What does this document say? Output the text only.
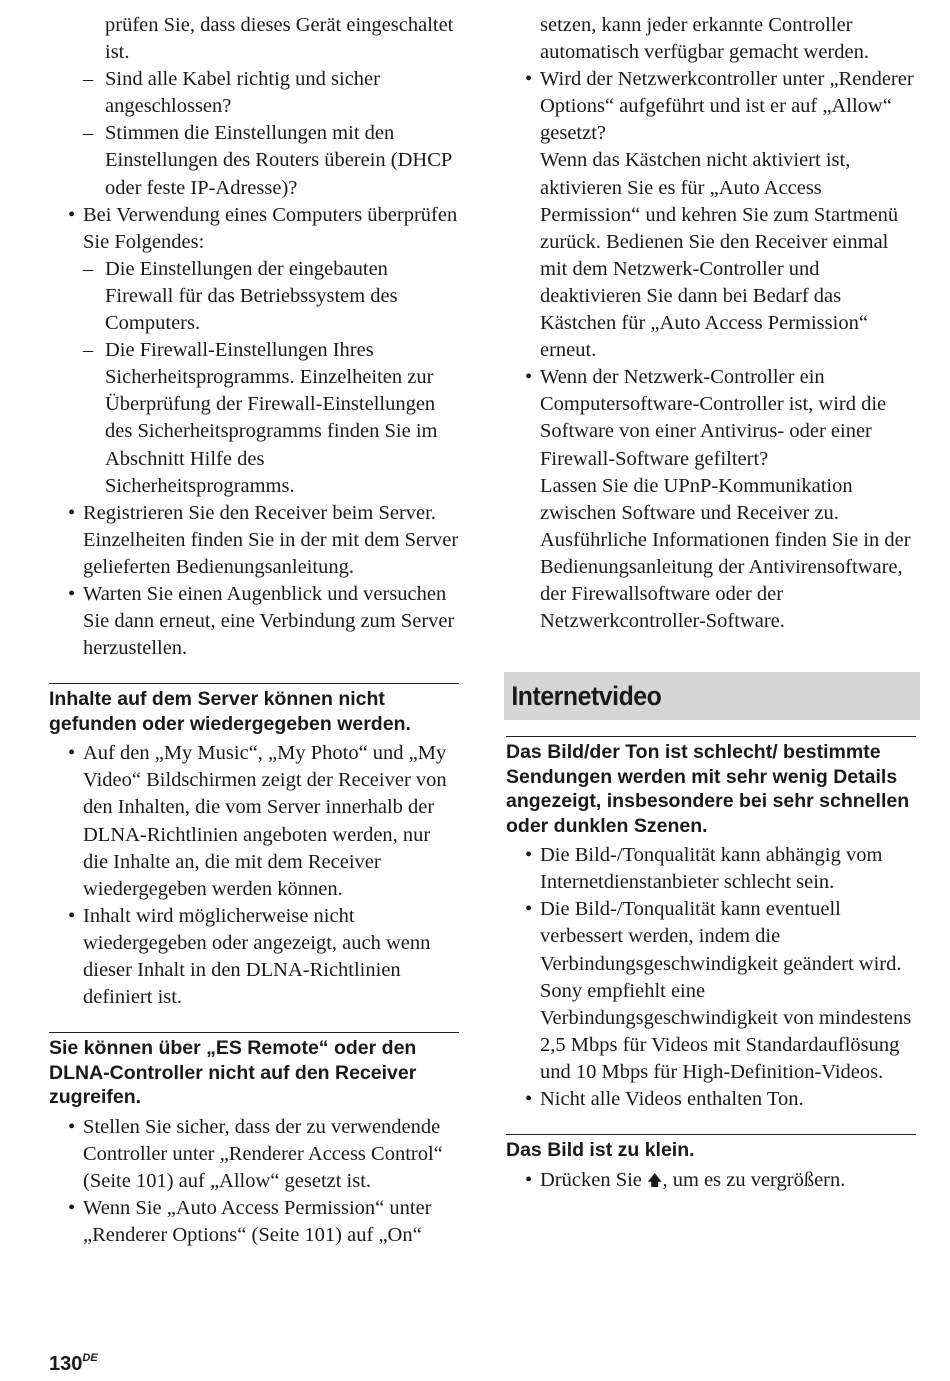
prüfen Sie, dass dieses Gerät eingeschaltet ist.

– Sind alle Kabel richtig und sicher angeschlossen?
– Stimmen die Einstellungen mit den Einstellungen des Routers überein (DHCP oder feste IP-Adresse)?
• Bei Verwendung eines Computers überprüfen Sie Folgendes:
– Die Einstellungen der eingebauten Firewall für das Betriebssystem des Computers.
– Die Firewall-Einstellungen Ihres Sicherheitsprogramms. Einzelheiten zur Überprüfung der Firewall-Einstellungen des Sicherheitsprogramms finden Sie im Abschnitt Hilfe des Sicherheitsprogramms.
• Registrieren Sie den Receiver beim Server. Einzelheiten finden Sie in der mit dem Server gelieferten Bedienungsanleitung.
• Warten Sie einen Augenblick und versuchen Sie dann erneut, eine Verbindung zum Server herzustellen.
Inhalte auf dem Server können nicht gefunden oder wiedergegeben werden.
• Auf den „My Music“, „My Photo“ und „My Video“ Bildschirmen zeigt der Receiver von den Inhalten, die vom Server innerhalb der DLNA-Richtlinien angeboten werden, nur die Inhalte an, die mit dem Receiver wiedergegeben werden können.
• Inhalt wird möglicherweise nicht wiedergegeben oder angezeigt, auch wenn dieser Inhalt in den DLNA-Richtlinien definiert ist.
Sie können über „ES Remote“ oder den DLNA-Controller nicht auf den Receiver zugreifen.
• Stellen Sie sicher, dass der zu verwendende Controller unter „Renderer Access Control“ (Seite 101) auf „Allow“ gesetzt ist.
• Wenn Sie „Auto Access Permission“ unter „Renderer Options“ (Seite 101) auf „On“

setzen, kann jeder erkannte Controller automatisch verfügbar gemacht werden.

• Wird der Netzwerkcontroller unter „Renderer Options“ aufgeführt und ist er auf „Allow“ gesetzt?

Wenn das Kästchen nicht aktiviert ist, aktivieren Sie es für „Auto Access Permission“ und kehren Sie zum Startmenü zurück. Bedienen Sie den Receiver einmal mit dem Netzwerk-Controller und deaktivieren Sie dann bei Bedarf das Kästchen für „Auto Access Permission“ erneut.

• Wenn der Netzwerk-Controller ein Computersoftware-Controller ist, wird die Software von einer Antivirus- oder einer Firewall-Software gefiltert?

Lassen Sie die UPnP-Kommunikation zwischen Software und Receiver zu. Ausführliche Informationen finden Sie in der Bedienungsanleitung der Antivirensoftware, der Firewallsoftware oder der Netzwerkcontroller-Software.

Internetvideo
Das Bild/der Ton ist schlecht/ bestimmte Sendungen werden mit sehr wenig Details angezeigt, insbesondere bei sehr schnellen oder dunklen Szenen.
• Die Bild-/Tonqualität kann abhängig vom Internetdienstanbieter schlecht sein.
• Die Bild-/Tonqualität kann eventuell verbessert werden, indem die Verbindungsgeschwindigkeit geändert wird. Sony empfiehlt eine Verbindungsgeschwindigkeit von mindestens 2,5 Mbps für Videos mit Standardauflösung und 10 Mbps für High-Definition-Videos.
• Nicht alle Videos enthalten Ton.
Das Bild ist zu klein.
• Drücken Sie 🡅, um es zu vergrößern.
130DE
